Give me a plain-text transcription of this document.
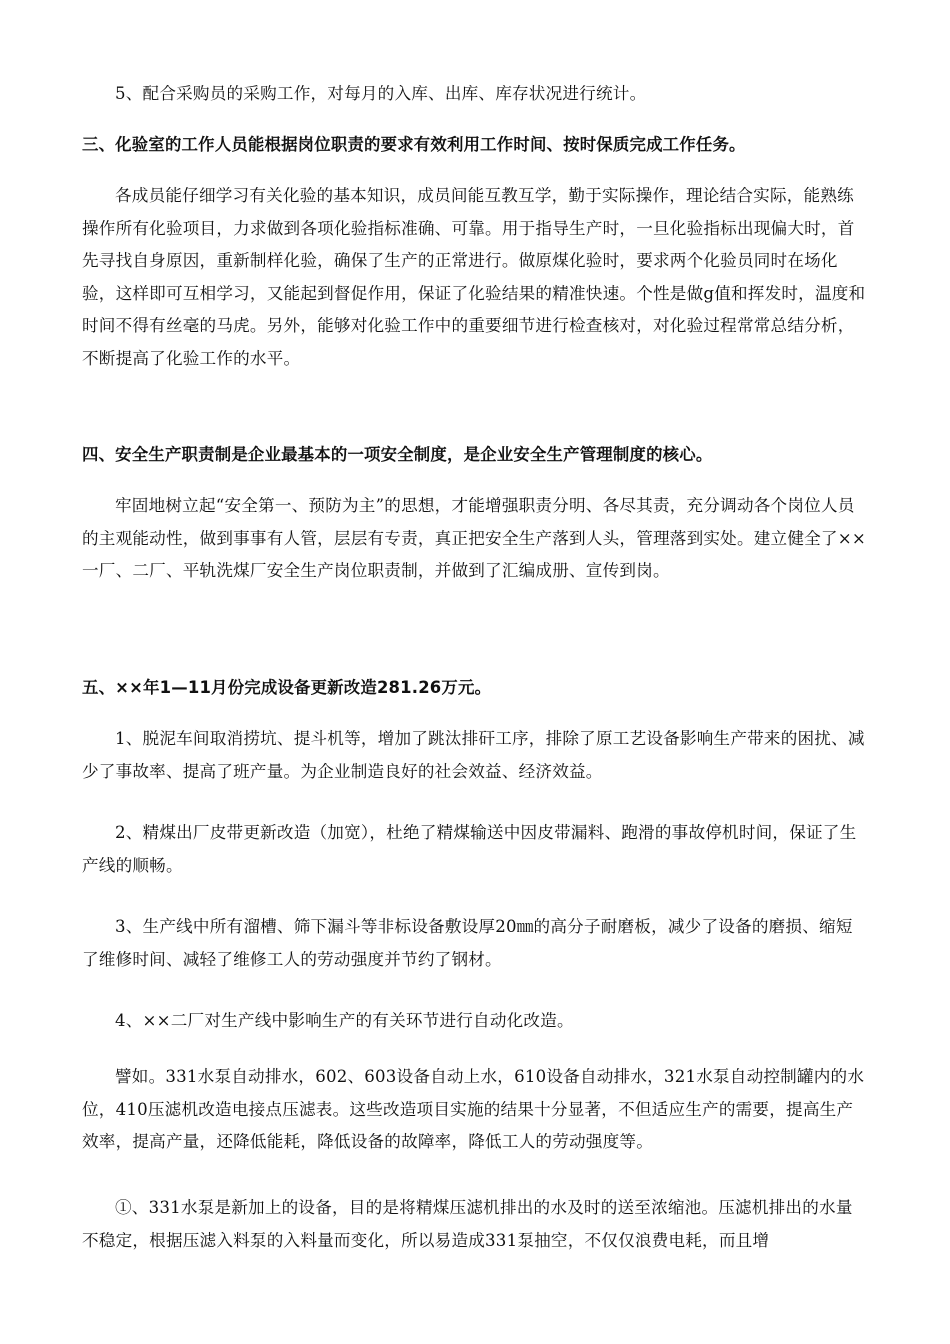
5、配合采购员的采购工作，对每月的入库、出库、库存状况进行统计。

三、化验室的工作人员能根据岗位职责的要求有效利用工作时间、按时保质完成工作任务。

各成员能仔细学习有关化验的基本知识，成员间能互教互学，勤于实际操作，理论结合实际，能熟练操作所有化验项目，力求做到各项化验指标准确、可靠。用于指导生产时，一旦化验指标出现偏大时，首先寻找自身原因，重新制样化验，确保了生产的正常进行。做原煤化验时，要求两个化验员同时在场化验，这样即可互相学习，又能起到督促作用，保证了化验结果的精准快速。个性是做g值和挥发时，温度和时间不得有丝毫的马虎。另外，能够对化验工作中的重要细节进行检查核对，对化验过程常常总结分析，不断提高了化验工作的水平。

四、安全生产职责制是企业最基本的一项安全制度，是企业安全生产管理制度的核心。

牢固地树立起“安全第一、预防为主”的思想，才能增强职责分明、各尽其责，充分调动各个岗位人员的主观能动性，做到事事有人管，层层有专责，真正把安全生产落到人头，管理落到实处。建立健全了××一厂、二厂、平轨洗煤厂安全生产岗位职责制，并做到了汇编成册、宣传到岗。

五、××年1—11月份完成设备更新改造281.26万元。

1、脱泥车间取消捞坑、提斗机等，增加了跳汰排矸工序，排除了原工艺设备影响生产带来的困扰、减少了事故率、提高了班产量。为企业制造良好的社会效益、经济效益。

2、精煤出厂皮带更新改造（加宽），杜绝了精煤输送中因皮带漏料、跑滑的事故停机时间，保证了生产线的顺畅。

3、生产线中所有溜槽、筛下漏斗等非标设备敷设厚20㎜的高分子耐磨板，减少了设备的磨损、缩短了维修时间、减轻了维修工人的劳动强度并节约了钢材。

4、××二厂对生产线中影响生产的有关环节进行自动化改造。

譬如。331水泵自动排水，602、603设备自动上水，610设备自动排水，321水泵自动控制罐内的水位，410压滤机改造电接点压滤表。这些改造项目实施的结果十分显著，不但适应生产的需要，提高生产效率，提高产量，还降低能耗，降低设备的故障率，降低工人的劳动强度等。

①、331水泵是新加上的设备，目的是将精煤压滤机排出的水及时的送至浓缩池。压滤机排出的水量不稳定，根据压滤入料泵的入料量而变化，所以易造成331泵抽空，不仅仅浪费电耗，而且增
